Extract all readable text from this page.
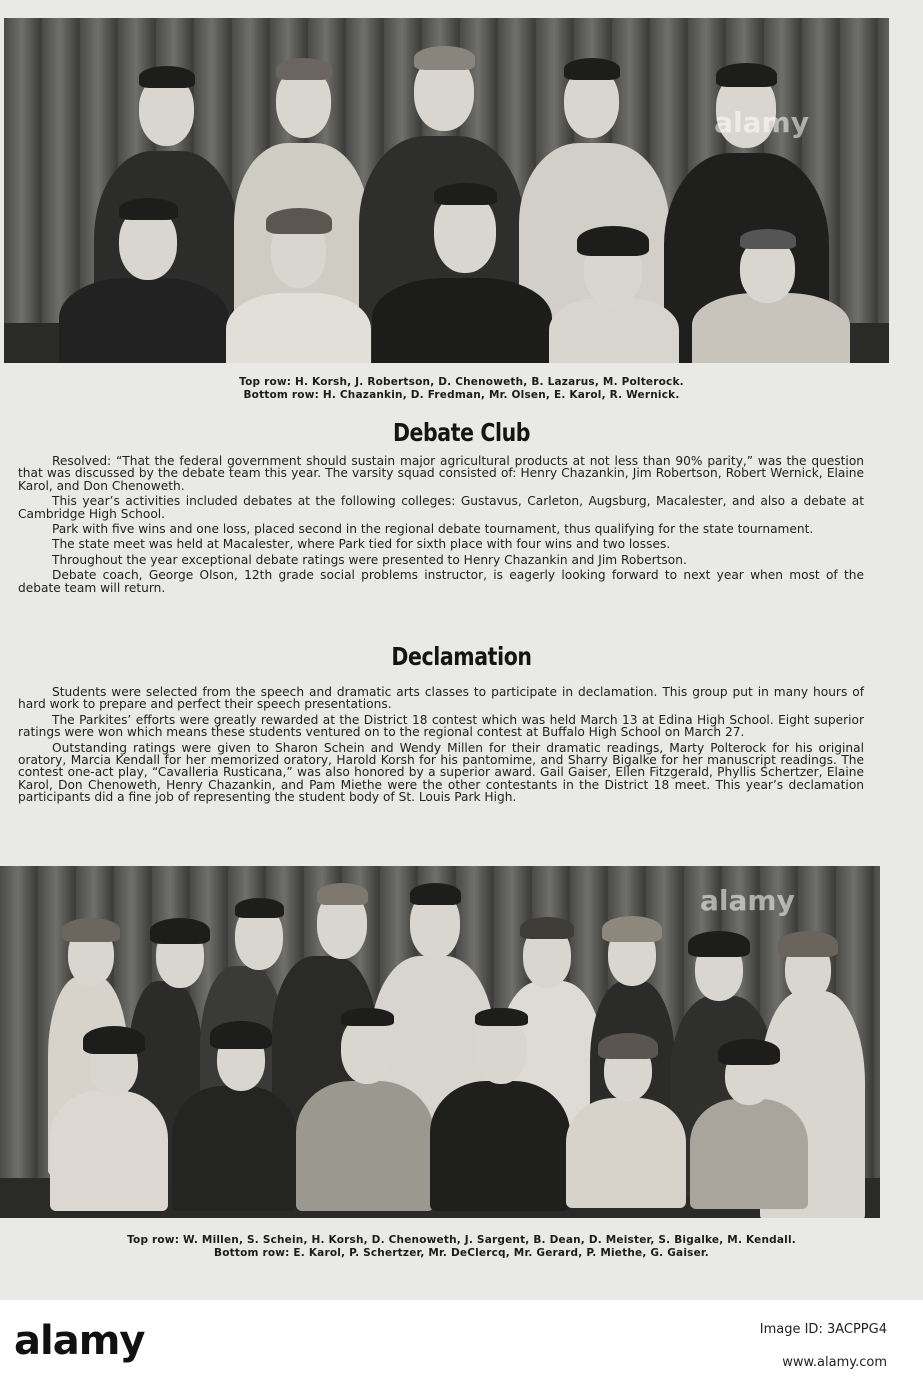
alamy
Top row: H. Korsh, J. Robertson, D. Chenoweth, B. Lazarus, M. Polterock.
Bottom row: H. Chazankin, D. Fredman, Mr. Olsen, E. Karol, R. Wernick.
Debate Club

Resolved: “That the federal government should sustain major agricultural products at not less than 90% parity,” was the question that was discussed by the debate team this year. The varsity squad consisted of: Henry Chazankin, Jim Robertson, Robert Wernick, Elaine Karol, and Don Chenoweth.

This year’s activities included debates at the following colleges: Gustavus, Carleton, Augsburg, Macalester, and also a debate at Cambridge High School.

Park with five wins and one loss, placed second in the regional debate tournament, thus qualifying for the state tournament.

The state meet was held at Macalester, where Park tied for sixth place with four wins and two losses.

Throughout the year exceptional debate ratings were presented to Henry Chazankin and Jim Robertson.

Debate coach, George Olson, 12th grade social problems instructor, is eagerly looking forward to next year when most of the debate team will return.

Declamation

Students were selected from the speech and dramatic arts classes to participate in declamation. This group put in many hours of hard work to prepare and perfect their speech presentations.

The Parkites’ efforts were greatly rewarded at the District 18 contest which was held March 13 at Edina High School. Eight superior ratings were won which means these students ventured on to the regional contest at Buffalo High School on March 27.

Outstanding ratings were given to Sharon Schein and Wendy Millen for their dramatic readings, Marty Polterock for his original oratory, Marcia Kendall for her memorized oratory, Harold Korsh for his pantomime, and Sharry Bigalke for her manuscript readings. The contest one-act play, “Cavalleria Rusticana,” was also honored by a superior award. Gail Gaiser, Ellen Fitzgerald, Phyllis Schertzer, Elaine Karol, Don Chenoweth, Henry Chazankin, and Pam Miethe were the other contestants in the District 18 meet. This year’s declamation participants did a fine job of representing the student body of St. Louis Park High.

alamy
Top row: W. Millen, S. Schein, H. Korsh, D. Chenoweth, J. Sargent, B. Dean, D. Meister, S. Bigalke, M. Kendall.
Bottom row: E. Karol, P. Schertzer, Mr. DeClercq, Mr. Gerard, P. Miethe, G. Gaiser.
alamy	Image ID: 3ACPPG4
www.alamy.com
